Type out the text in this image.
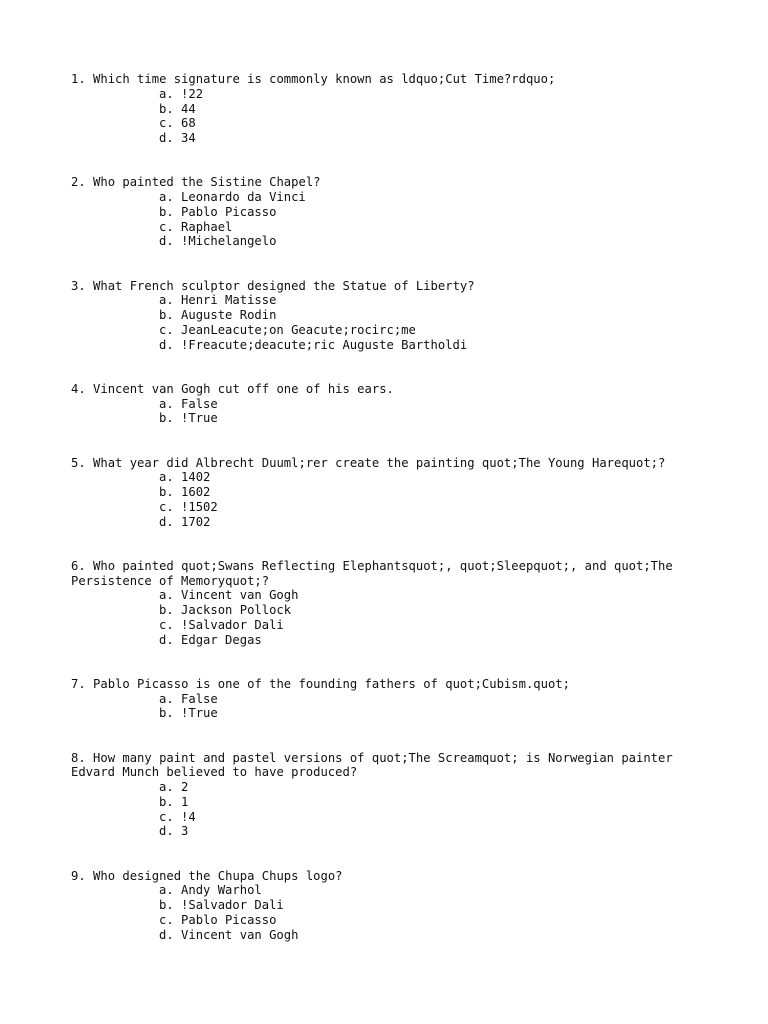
1. Which time signature is commonly known as ldquo;Cut Time?rdquo;
a. !22
b. 44
c. 68
d. 34
2. Who painted the Sistine Chapel?
a. Leonardo da Vinci
b. Pablo Picasso
c. Raphael
d. !Michelangelo
3. What French sculptor designed the Statue of Liberty?
a. Henri Matisse
b. Auguste Rodin
c. JeanLeacute;on Geacute;rocirc;me
d. !Freacute;deacute;ric Auguste Bartholdi
4. Vincent van Gogh cut off one of his ears.
a. False
b. !True
5. What year did Albrecht Duuml;rer create the painting quot;The Young Harequot;?
a. 1402
b. 1602
c. !1502
d. 1702
6. Who painted quot;Swans Reflecting Elephantsquot;, quot;Sleepquot;, and quot;The Persistence of Memoryquot;?
a. Vincent van Gogh
b. Jackson Pollock
c. !Salvador Dali
d. Edgar Degas
7. Pablo Picasso is one of the founding fathers of quot;Cubism.quot;
a. False
b. !True
8. How many paint and pastel versions of quot;The Screamquot; is Norwegian painter Edvard Munch believed to have produced?
a. 2
b. 1
c. !4
d. 3
9. Who designed the Chupa Chups logo?
a. Andy Warhol
b. !Salvador Dali
c. Pablo Picasso
d. Vincent van Gogh
